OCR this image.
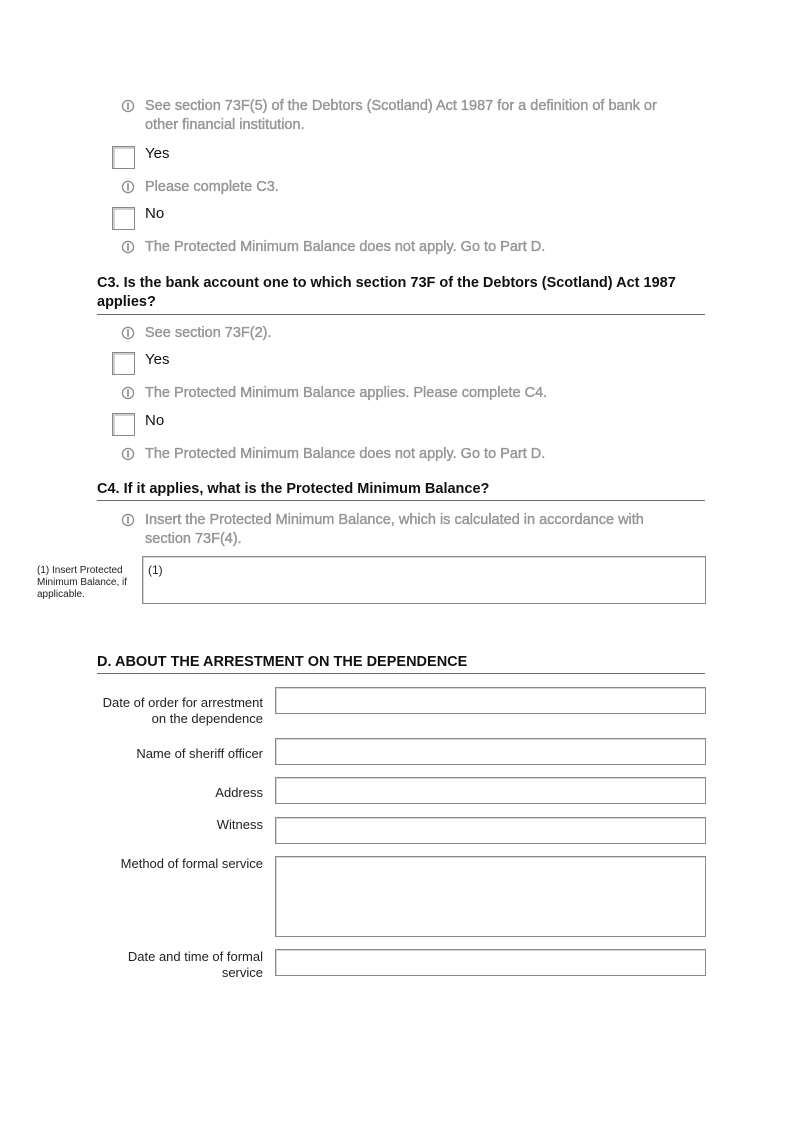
See section 73F(5) of the Debtors (Scotland) Act 1987 for a definition of bank or other financial institution.
Yes
Please complete C3.
No
The Protected Minimum Balance does not apply. Go to Part D.
C3. Is the bank account one to which section 73F of the Debtors (Scotland) Act 1987 applies?
See section 73F(2).
Yes
The Protected Minimum Balance applies. Please complete C4.
No
The Protected Minimum Balance does not apply. Go to Part D.
C4. If it applies, what is the Protected Minimum Balance?
Insert the Protected Minimum Balance, which is calculated in accordance with section 73F(4).
(1) Insert Protected Minimum Balance, if applicable.
(1)
D. ABOUT THE ARRESTMENT ON THE DEPENDENCE
Date of order for arrestment on the dependence
Name of sheriff officer
Address
Witness
Method of formal service
Date and time of formal service
